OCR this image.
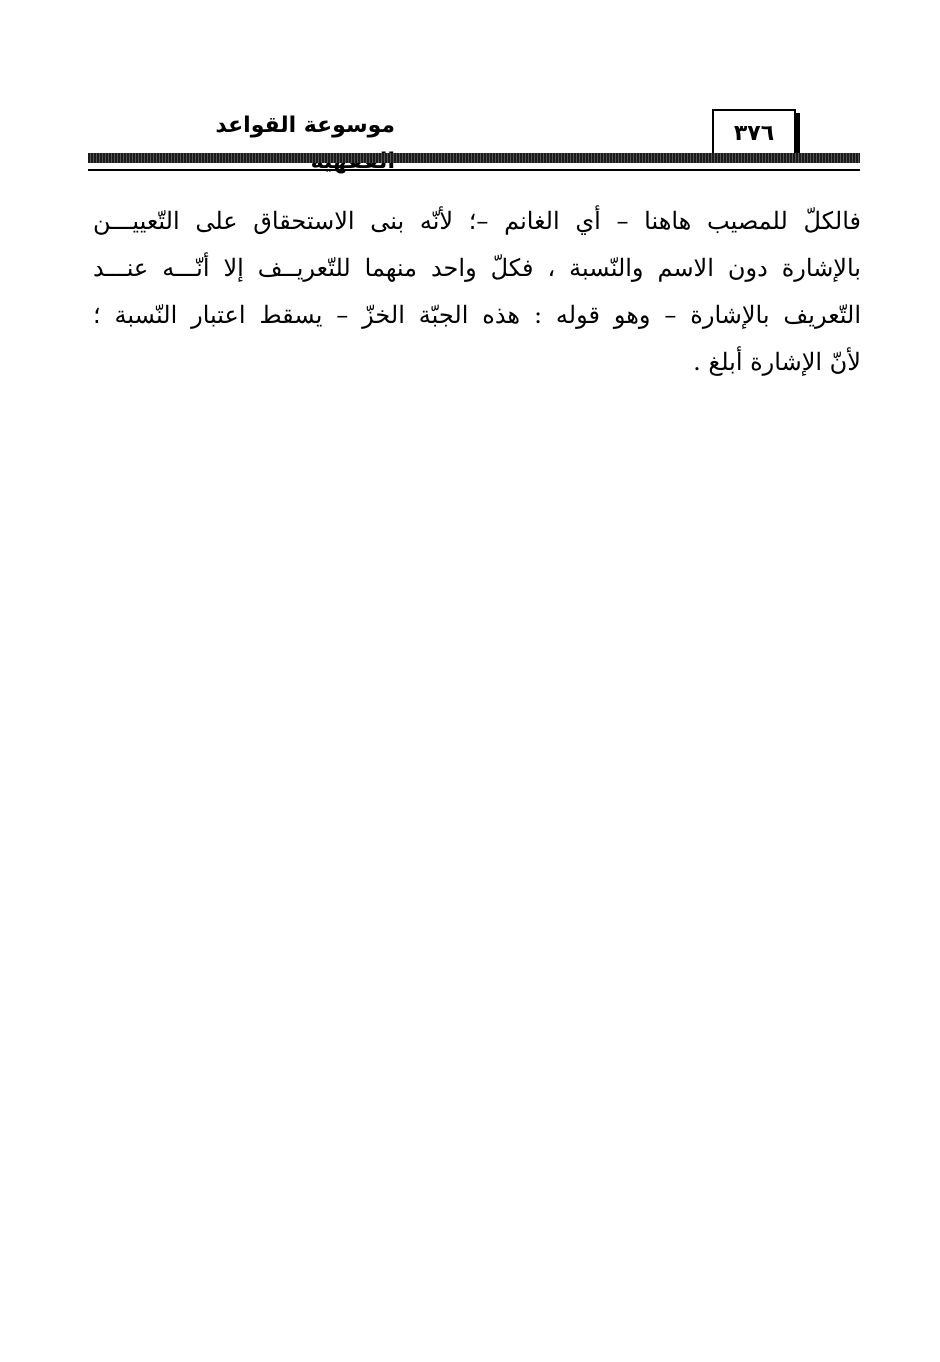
٣٧٦
موسوعة القواعد
فالكلّ للمصيب هاهنا – أي الغانم –؛ لأنّه بنى الاستحقاق على التّعييـــن
بالإشارة دون الاسم والنّسبة ، فكلّ واحد منهما للتّعريــف إلا أنّـــه عنـــد
التّعريف بالإشارة – وهو قوله : هذه الجبّة الخزّ – يسقط اعتبار النّسبة ؛
لأنّ الإشارة أبلغ .
